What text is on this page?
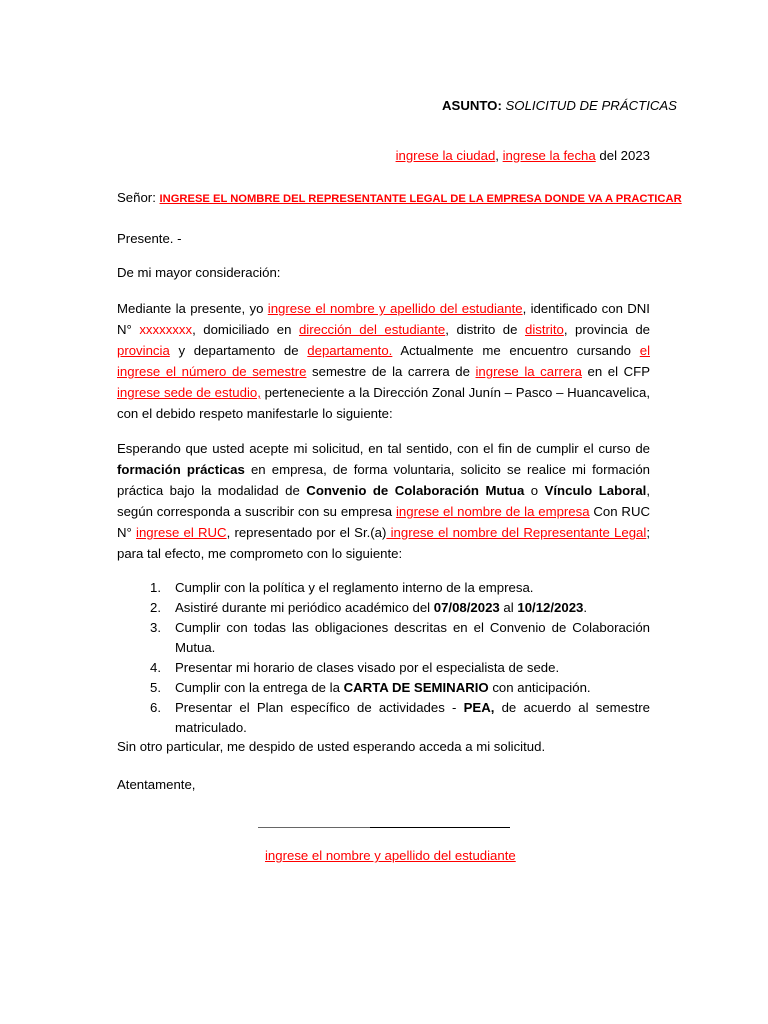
ASUNTO: SOLICITUD DE PRÁCTICAS
ingrese la ciudad, ingrese la fecha del 2023
Señor: INGRESE EL NOMBRE DEL REPRESENTANTE LEGAL DE LA EMPRESA DONDE VA A PRACTICAR
Presente. -
De mi mayor consideración:
Mediante la presente, yo ingrese el nombre y apellido del estudiante, identificado con DNI N° xxxxxxxx, domiciliado en dirección del estudiante, distrito de distrito, provincia de provincia y departamento de departamento. Actualmente me encuentro cursando el ingrese el número de semestre semestre de la carrera de ingrese la carrera en el CFP ingrese sede de estudio, perteneciente a la Dirección Zonal Junín – Pasco – Huancavelica, con el debido respeto manifestarle lo siguiente:
Esperando que usted acepte mi solicitud, en tal sentido, con el fin de cumplir el curso de formación prácticas en empresa, de forma voluntaria, solicito se realice mi formación práctica bajo la modalidad de Convenio de Colaboración Mutua o Vínculo Laboral, según corresponda a suscribir con su empresa ingrese el nombre de la empresa Con RUC N° ingrese el RUC, representado por el Sr.(a) ingrese el nombre del Representante Legal; para tal efecto, me comprometo con lo siguiente:
1. Cumplir con la política y el reglamento interno de la empresa.
2. Asistiré durante mi periódico académico del 07/08/2023 al 10/12/2023.
3. Cumplir con todas las obligaciones descritas en el Convenio de Colaboración Mutua.
4. Presentar mi horario de clases visado por el especialista de sede.
5. Cumplir con la entrega de la CARTA DE SEMINARIO con anticipación.
6. Presentar el Plan específico de actividades - PEA, de acuerdo al semestre matriculado.
Sin otro particular, me despido de usted esperando acceda a mi solicitud.
Atentamente,
ingrese el nombre y apellido del estudiante
